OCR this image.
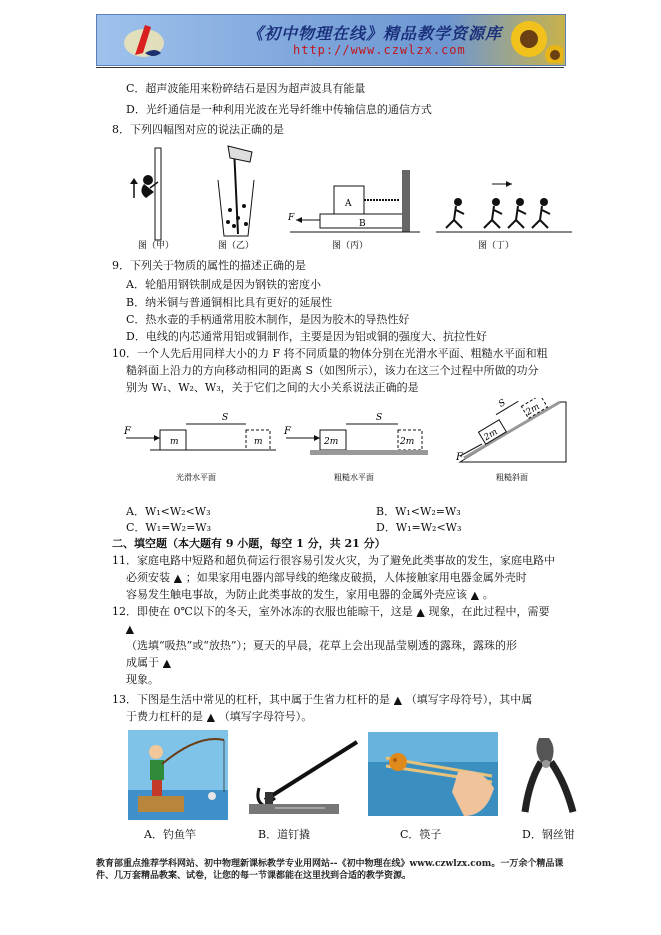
《初中物理在线》精品教学资源库
http://www.czwlzx.com
C．超声波能用来粉碎结石是因为超声波具有能量
D．光纤通信是一种利用光波在光导纤维中传输信息的通信方式
8．下列四幅图对应的说法正确的是
A
B
F
图（甲）	图（乙）	图（丙）	图（丁）
9．下列关于物质的属性的描述正确的是
A．轮船用钢铁制成是因为钢铁的密度小
B．纳米铜与普通铜相比具有更好的延展性
C．热水壶的手柄通常用胶木制作，是因为胶木的导热性好
D．电线的内芯通常用铝或铜制作，主要是因为铝或铜的强度大、抗拉性好
10．一个人先后用同样大小的力 F 将不同质量的物体分别在光滑水平面、粗糙水平面和粗
糙斜面上沿力的方向移动相同的距离 S（如图所示），该力在这三个过程中所做的功分
别为 W₁、W₂、W₃，关于它们之间的大小关系说法正确的是
F
m	m
S
光滑水平面
F
2m	2m
S
粗糙水平面
2m
2m
S
F
粗糙斜面
A．W₁<W₂<W₃	B．W₁<W₂=W₃
C．W₁=W₂=W₃	D．W₁=W₂<W₃
二、填空题（本大题有 9 小题，每空 1 分，共 21 分）
11．家庭电路中短路和超负荷运行很容易引发火灾，为了避免此类事故的发生，家庭电路中
必须安装 ▲ ；如果家用电器内部导线的绝缘皮破损，人体接触家用电器金属外壳时
容易发生触电事故，为防止此类事故的发生，家用电器的金属外壳应该 ▲ 。
12．即使在 0℃以下的冬天，室外冰冻的衣服也能晾干，这是 ▲ 现象，在此过程中，需要
▲
（选填“吸热”或“放热”）；夏天的早晨，花草上会出现晶莹剔透的露珠，露珠的形
成属于 ▲
现象。
13．下图是生活中常见的杠杆，其中属于生省力杠杆的是 ▲ （填写字母符号），其中属
于费力杠杆的是 ▲ （填写字母符号）。
A．钓鱼竿	B．道钉撬	C．筷子	D．钢丝钳
教育部重点推荐学科网站、初中物理新课标教学专业用网站--《初中物理在线》www.czwlzx.com。一万余个精品课件、几万套精品教案、试卷，让您的每一节课都能在这里找到合适的教学资源。
